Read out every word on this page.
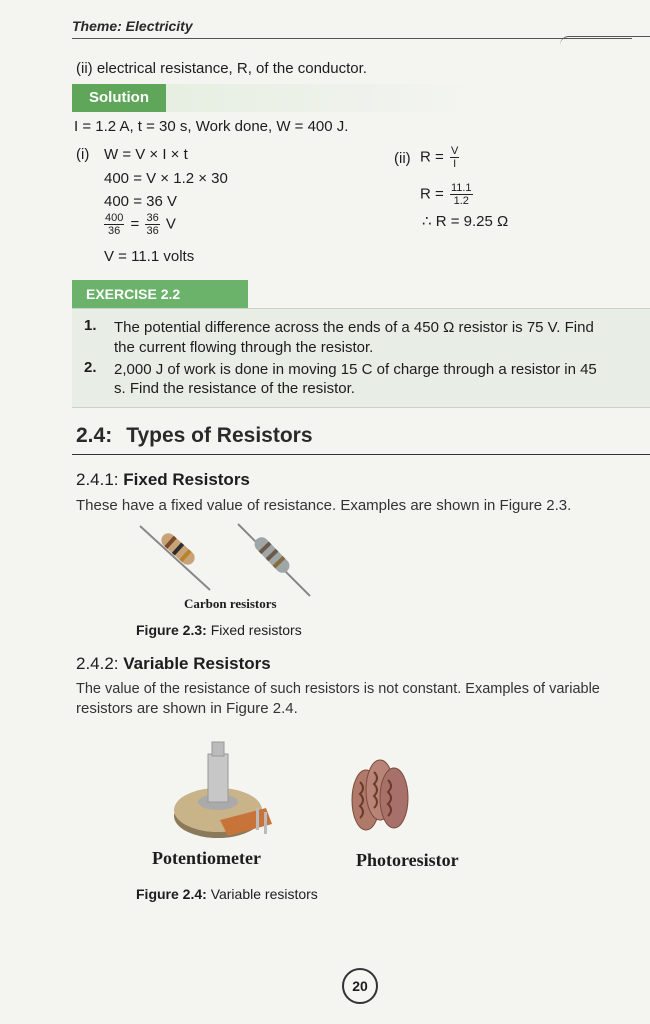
Theme: Electricity
(ii) electrical resistance, R, of the conductor.
Solution
I = 1.2 A, t = 30 s, Work done, W = 400 J.
(i) W = V × I × t
400 = V × 1.2 × 30
400 = 36 V
$\frac{400}{36} = \frac{36}{36}$ V
V = 11.1 volts
(ii) $R = \frac{V}{I}$
$R = \frac{11.1}{1.2}$
∴ R = 9.25 Ω
EXERCISE 2.2
1. The potential difference across the ends of a 450 Ω resistor is 75 V. Find
the current flowing through the resistor.
2. 2,000 J of work is done in moving 15 C of charge through a resistor in 45
s. Find the resistance of the resistor.
2.4: Types of Resistors
2.4.1: Fixed Resistors
These have a fixed value of resistance. Examples are shown in Figure 2.3.
Carbon resistors
Figure 2.3: Fixed resistors
2.4.2: Variable Resistors
The value of the resistance of such resistors is not constant. Examples of variable
resistors are shown in Figure 2.4.
Potentiometer	Photoresistor
Figure 2.4: Variable resistors
20
